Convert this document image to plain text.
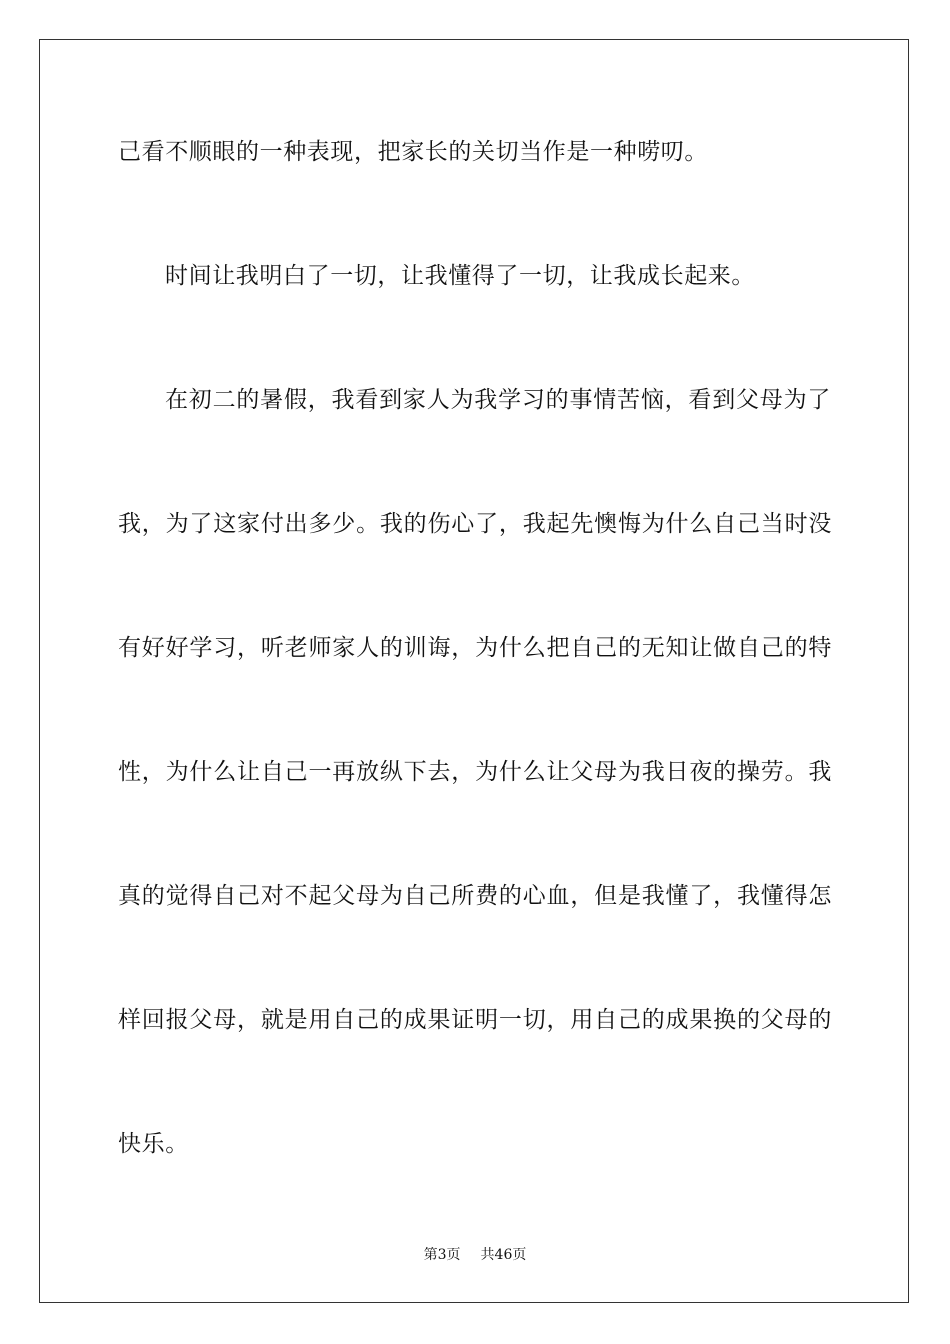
己看不顺眼的一种表现，把家长的关切当作是一种唠叨。
时间让我明白了一切，让我懂得了一切，让我成长起来。
在初二的暑假，我看到家人为我学习的事情苦恼，看到父母为了
我，为了这家付出多少。我的伤心了，我起先懊悔为什么自己当时没
有好好学习，听老师家人的训诲，为什么把自己的无知让做自己的特
性，为什么让自己一再放纵下去，为什么让父母为我日夜的操劳。我
真的觉得自己对不起父母为自己所费的心血，但是我懂了，我懂得怎
样回报父母，就是用自己的成果证明一切，用自己的成果换的父母的
快乐。
第3页 共46页
